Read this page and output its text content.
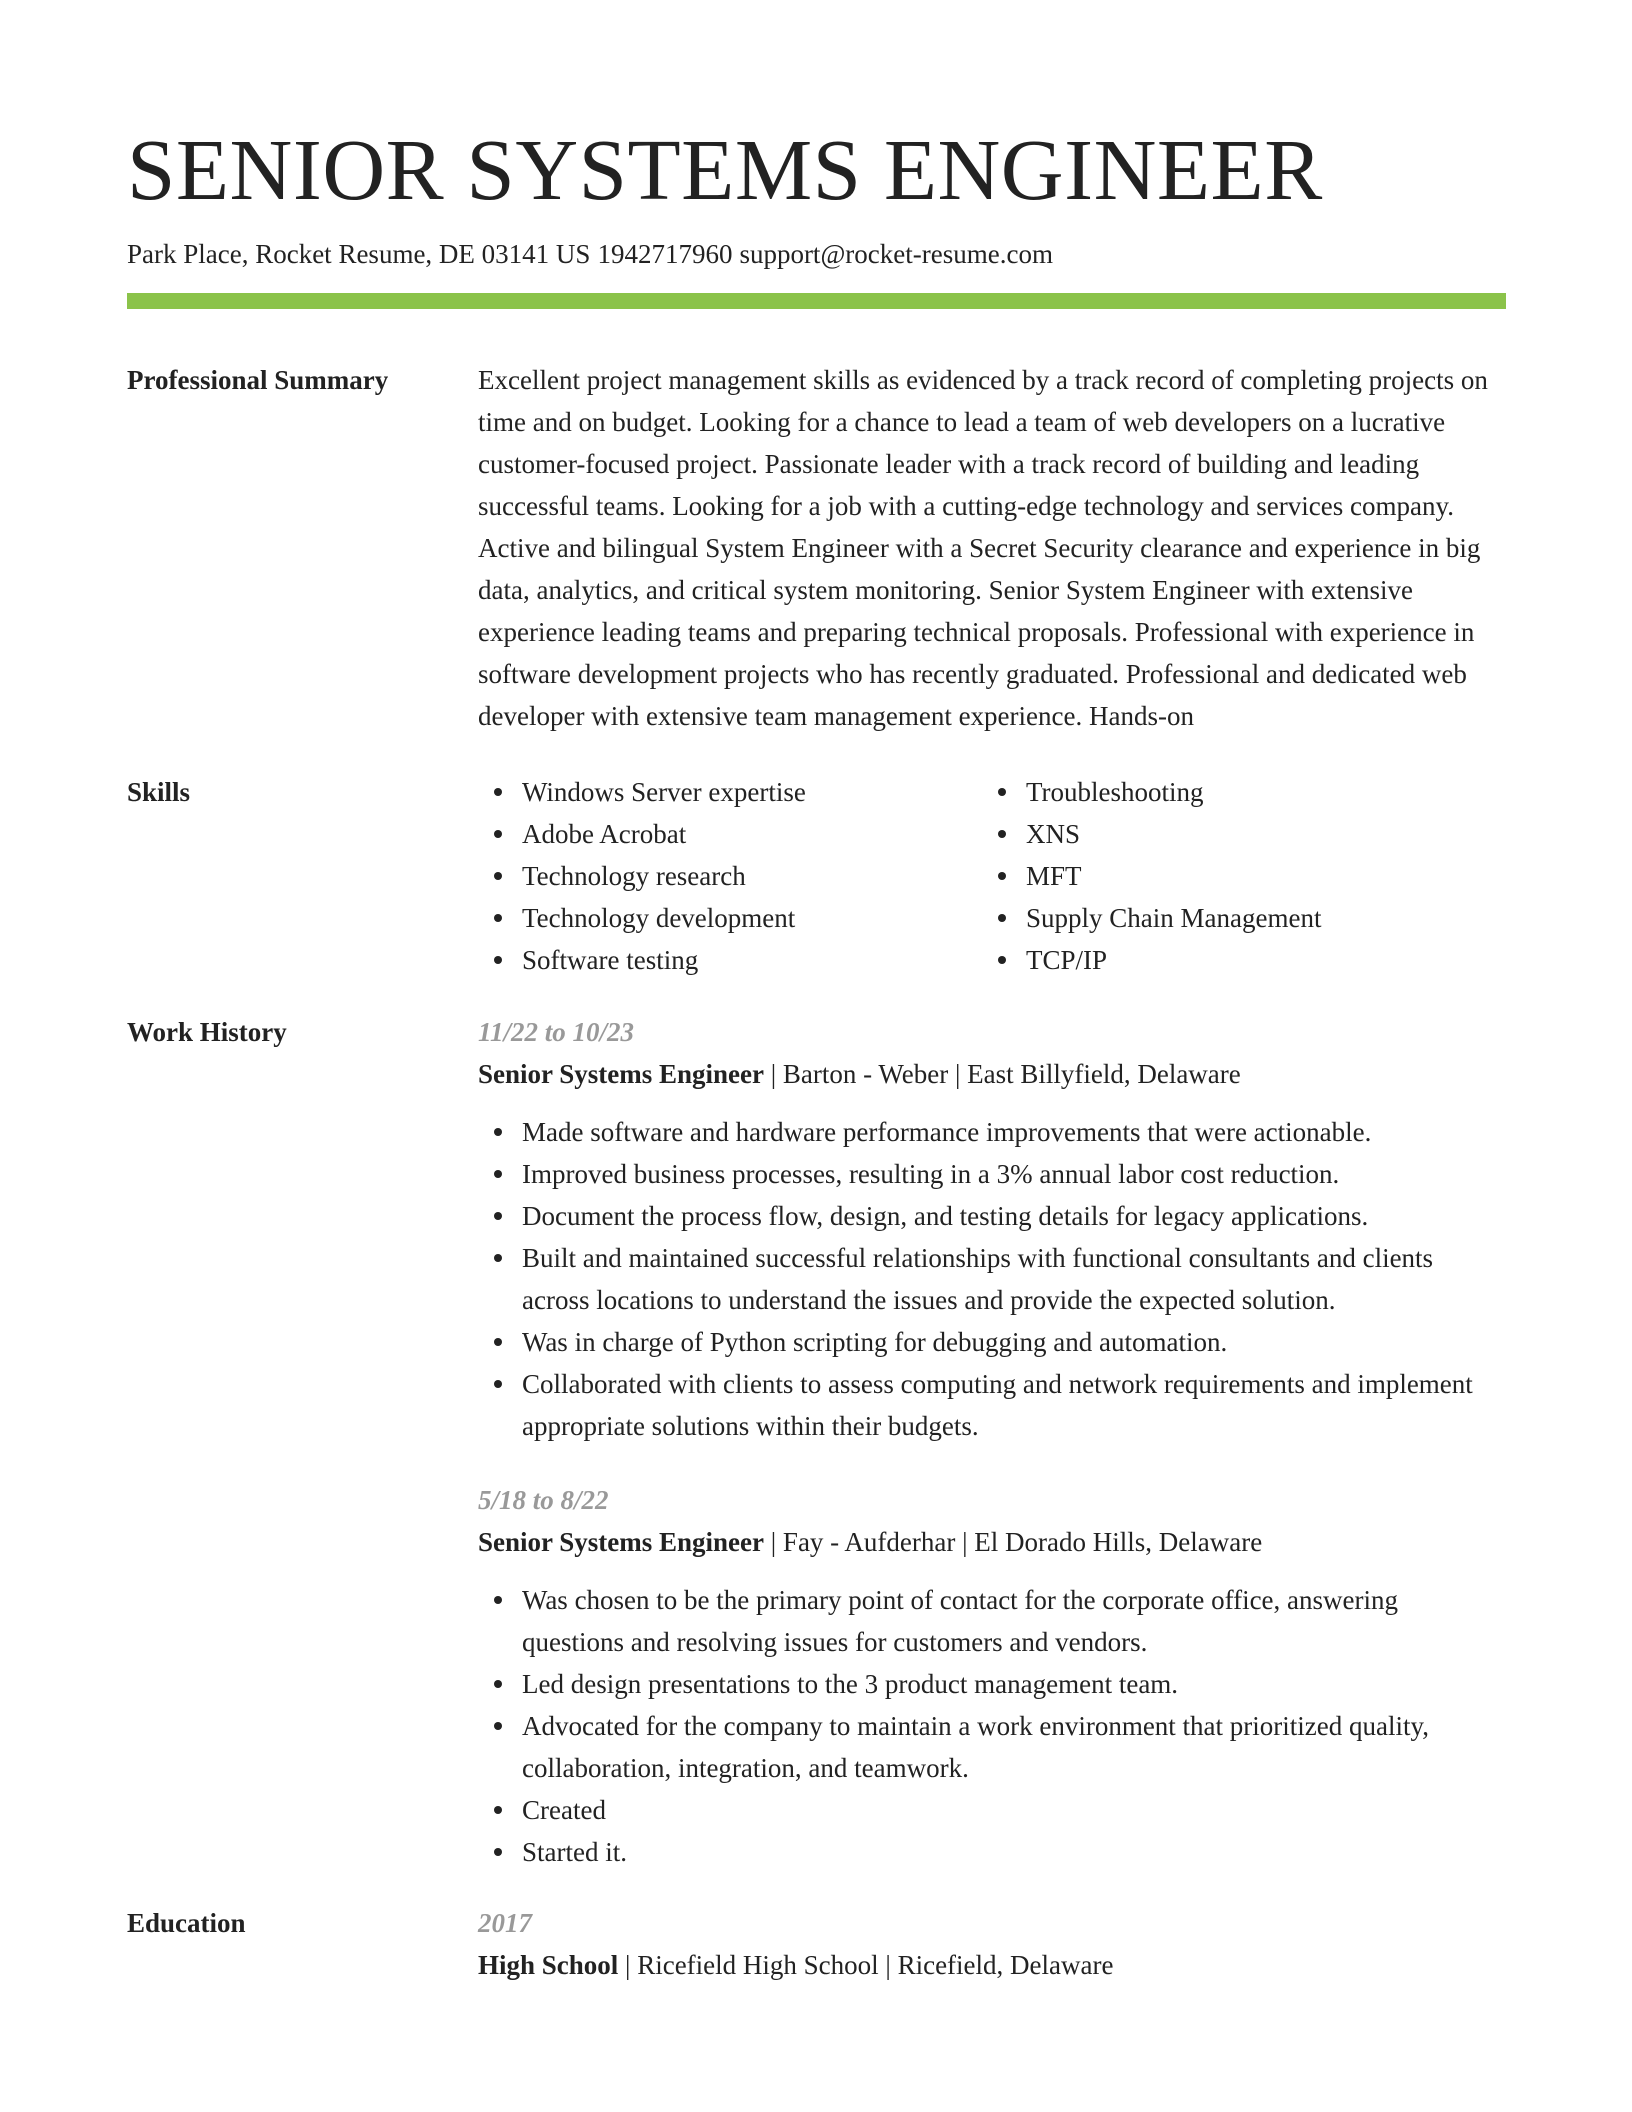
SENIOR SYSTEMS ENGINEER
Park Place, Rocket Resume, DE 03141 US 1942717960 support@rocket-resume.com
Professional Summary	Excellent project management skills as evidenced by a track record of completing projects on time and on budget. Looking for a chance to lead a team of web developers on a lucrative customer-focused project. Passionate leader with a track record of building and leading successful teams. Looking for a job with a cutting-edge technology and services company. Active and bilingual System Engineer with a Secret Security clearance and experience in big data, analytics, and critical system monitoring. Senior System Engineer with extensive experience leading teams and preparing technical proposals. Professional with experience in software development projects who has recently graduated. Professional and dedicated web developer with extensive team management experience. Hands-on
Skills	Windows Server expertise
Adobe Acrobat
Technology research
Technology development
Software testing
Troubleshooting
XNS
MFT
Supply Chain Management
TCP/IP
Work History	11/22 to 10/23
Senior Systems Engineer | Barton - Weber | East Billyfield, Delaware
Made software and hardware performance improvements that were actionable.
Improved business processes, resulting in a 3% annual labor cost reduction.
Document the process flow, design, and testing details for legacy applications.
Built and maintained successful relationships with functional consultants and clients across locations to understand the issues and provide the expected solution.
Was in charge of Python scripting for debugging and automation.
Collaborated with clients to assess computing and network requirements and implement appropriate solutions within their budgets.
5/18 to 8/22
Senior Systems Engineer | Fay - Aufderhar | El Dorado Hills, Delaware
Was chosen to be the primary point of contact for the corporate office, answering questions and resolving issues for customers and vendors.
Led design presentations to the 3 product management team.
Advocated for the company to maintain a work environment that prioritized quality, collaboration, integration, and teamwork.
Created
Started it.
Education	2017
High School | Ricefield High School | Ricefield, Delaware
